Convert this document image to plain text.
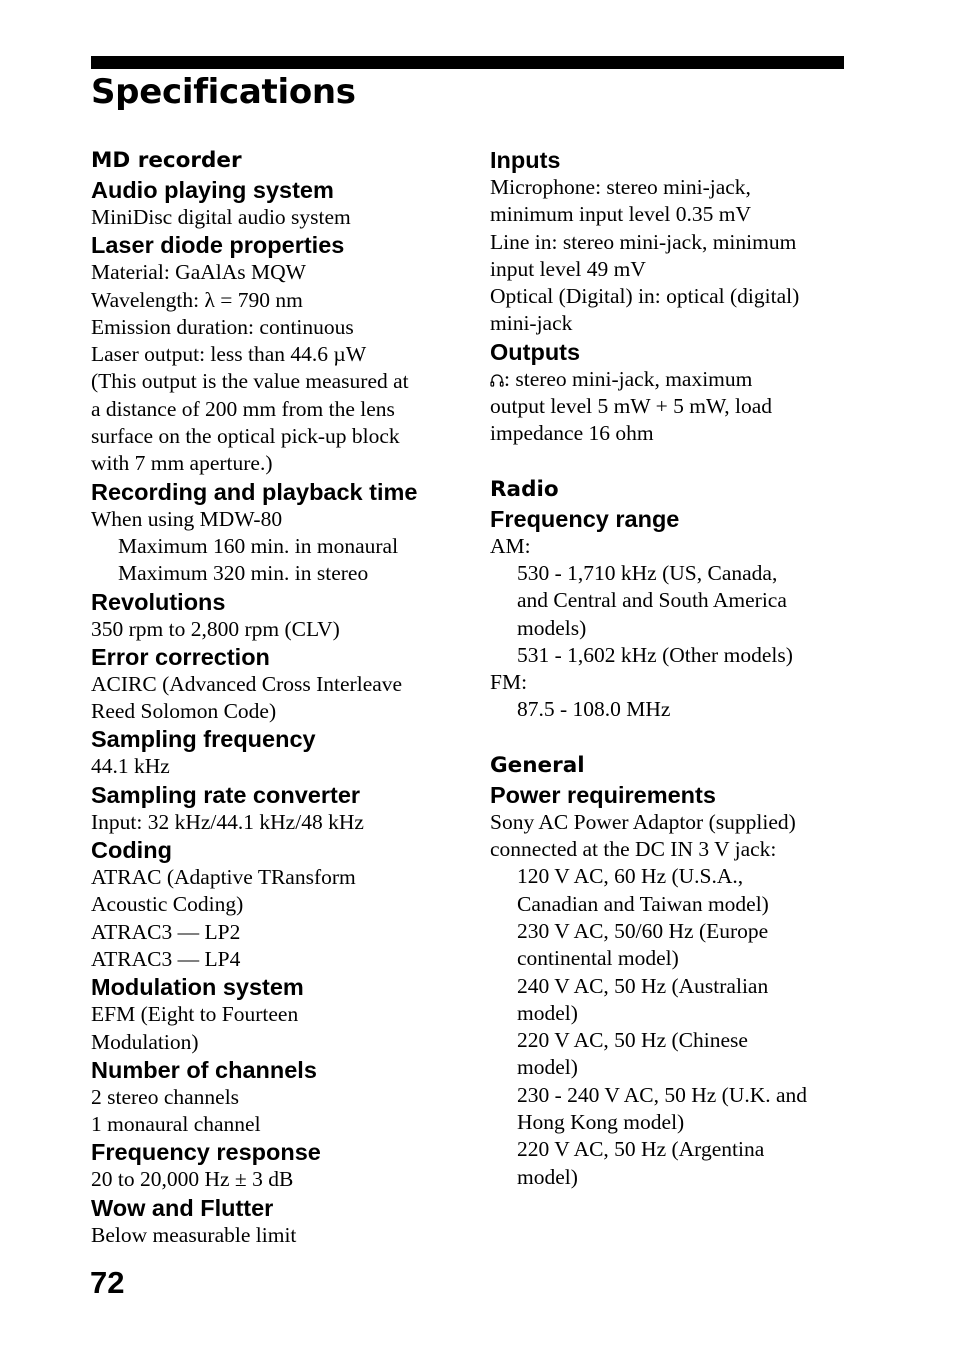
Specifications
MD recorder
Audio playing system
MiniDisc digital audio system
Laser diode properties
Material: GaAlAs MQW
Wavelength: λ = 790 nm
Emission duration: continuous
Laser output: less than 44.6 µW
(This output is the value measured at
a distance of 200 mm from the lens
surface on the optical pick-up block
with 7 mm aperture.)
Recording and playback time
When using MDW-80
Maximum 160 min. in monaural
Maximum 320 min. in stereo
Revolutions
350 rpm to 2,800 rpm (CLV)
Error correction
ACIRC (Advanced Cross Interleave
Reed Solomon Code)
Sampling frequency
44.1 kHz
Sampling rate converter
Input: 32 kHz/44.1 kHz/48 kHz
Coding
ATRAC (Adaptive TRansform
Acoustic Coding)
ATRAC3 — LP2
ATRAC3 — LP4
Modulation system
EFM (Eight to Fourteen
Modulation)
Number of channels
2 stereo channels
1 monaural channel
Frequency response
20 to 20,000 Hz ± 3 dB
Wow and Flutter
Below measurable limit
Inputs
Microphone: stereo mini-jack,
minimum input level 0.35 mV
Line in: stereo mini-jack, minimum
input level 49 mV
Optical (Digital) in: optical (digital)
mini-jack
Outputs
: stereo mini-jack, maximum
output level 5 mW + 5 mW, load
impedance 16 ohm
Radio
Frequency range
AM:
530 - 1,710 kHz (US, Canada,
and Central and South America
models)
531 - 1,602 kHz (Other models)
FM:
87.5 - 108.0 MHz
General
Power requirements
Sony AC Power Adaptor (supplied)
connected at the DC IN 3 V jack:
120 V AC, 60 Hz (U.S.A.,
Canadian and Taiwan model)
230 V AC, 50/60 Hz (Europe
continental model)
240 V AC, 50 Hz (Australian
model)
220 V AC, 50 Hz (Chinese
model)
230 - 240 V AC, 50 Hz (U.K. and
Hong Kong model)
220 V AC, 50 Hz (Argentina
model)
72
